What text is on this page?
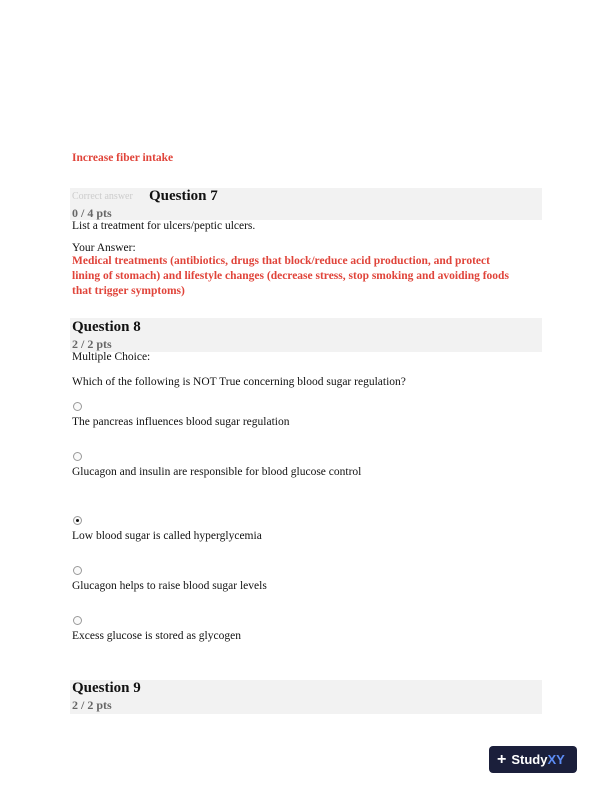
Increase fiber intake
Correct answer Question 7
0 / 4 pts
List a treatment for ulcers/peptic ulcers.
Your Answer:
Medical treatments (antibiotics, drugs that block/reduce acid production, and protect
lining of stomach) and lifestyle changes (decrease stress, stop smoking and avoiding foods
that trigger symptoms)
Question 8
2 / 2 pts
Multiple Choice:
Which of the following is NOT True concerning blood sugar regulation?
The pancreas influences blood sugar regulation
Glucagon and insulin are responsible for blood glucose control
Low blood sugar is called hyperglycemia
Glucagon helps to raise blood sugar levels
Excess glucose is stored as glycogen
Question 9
2 / 2 pts
+ Study XY
